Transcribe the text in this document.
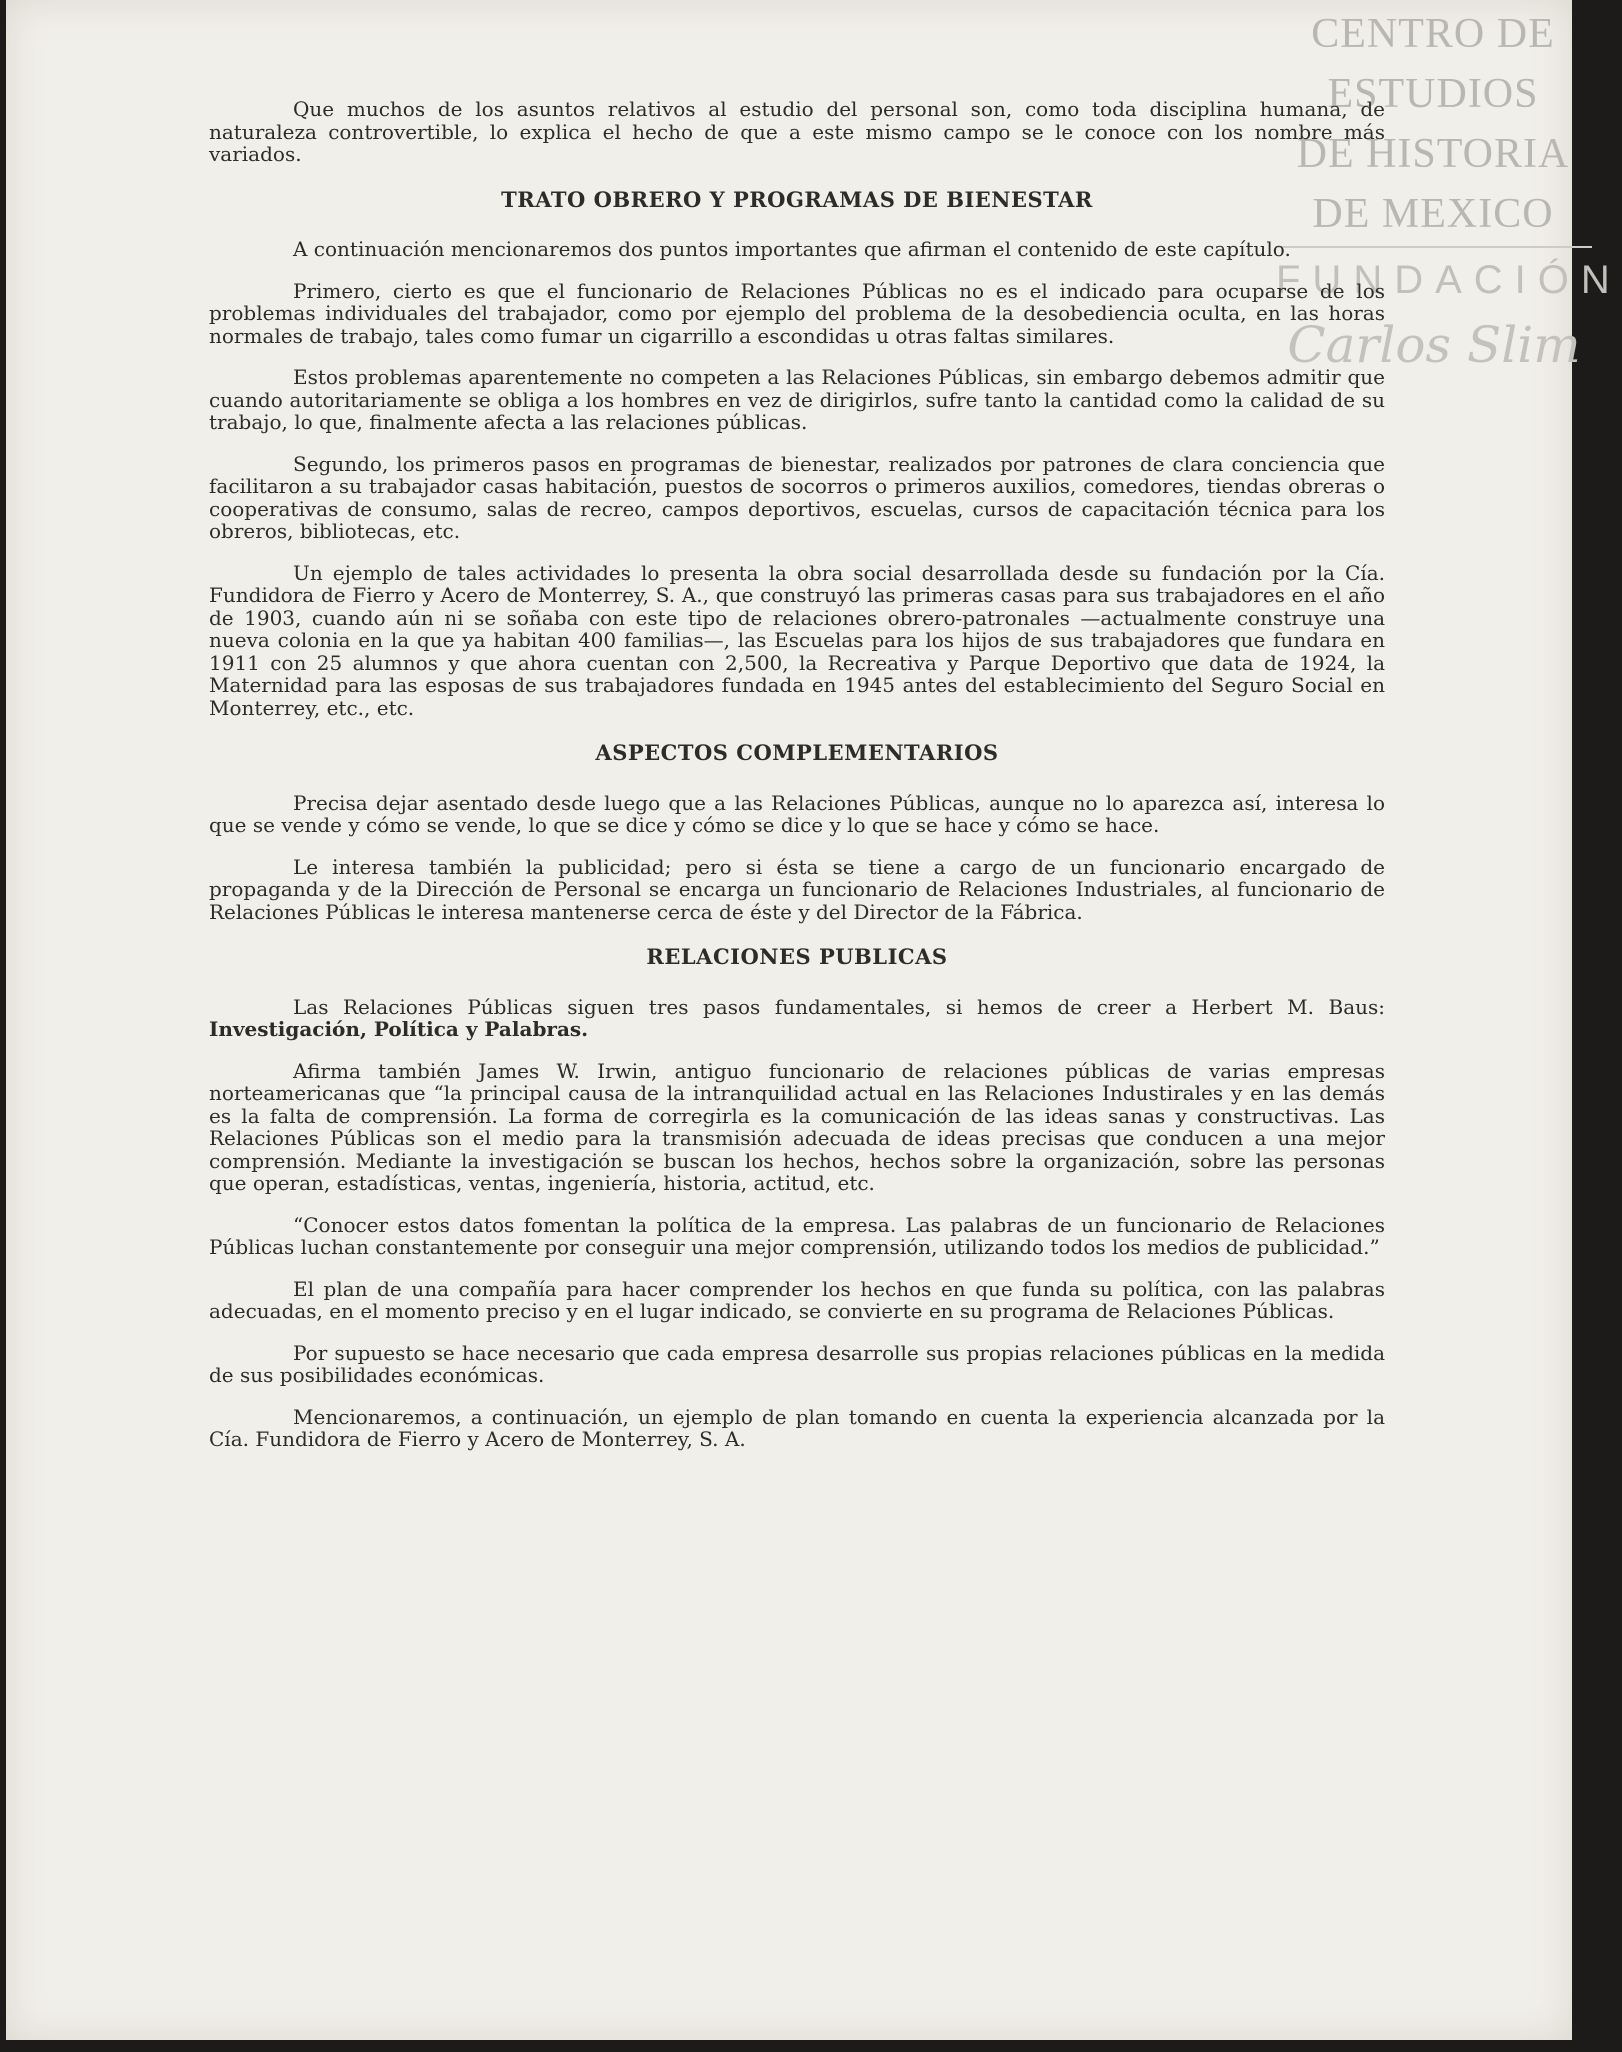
CENTRO DE
ESTUDIOS
DE HISTORIA
DE MEXICO
FUNDACIÓN
Carlos Slim

Que muchos de los asuntos relativos al estudio del personal son, como toda disciplina humana, de naturaleza controvertible, lo explica el hecho de que a este mismo campo se le conoce con los nombre más variados.

TRATO OBRERO Y PROGRAMAS DE BIENESTAR

A continuación mencionaremos dos puntos importantes que afirman el contenido de este capítulo.

Primero, cierto es que el funcionario de Relaciones Públicas no es el indicado para ocuparse de los problemas individuales del trabajador, como por ejemplo del problema de la desobediencia oculta, en las horas normales de trabajo, tales como fumar un cigarrillo a escondidas u otras faltas similares.

Estos problemas aparentemente no competen a las Relaciones Públicas, sin embargo debemos admitir que cuando autoritariamente se obliga a los hombres en vez de dirigirlos, sufre tanto la cantidad como la calidad de su trabajo, lo que, finalmente afecta a las relaciones públicas.

Segundo, los primeros pasos en programas de bienestar, realizados por patrones de clara conciencia que facilitaron a su trabajador casas habitación, puestos de socorros o primeros auxilios, comedores, tiendas obreras o cooperativas de consumo, salas de recreo, campos deportivos, escuelas, cursos de capacitación técnica para los obreros, bibliotecas, etc.

Un ejemplo de tales actividades lo presenta la obra social desarrollada desde su fundación por la Cía. Fundidora de Fierro y Acero de Monterrey, S. A., que construyó las primeras casas para sus trabajadores en el año de 1903, cuando aún ni se soñaba con este tipo de relaciones obrero-patronales —actualmente construye una nueva colonia en la que ya habitan 400 familias—, las Escuelas para los hijos de sus trabajadores que fundara en 1911 con 25 alumnos y que ahora cuentan con 2,500, la Recreativa y Parque Deportivo que data de 1924, la Maternidad para las esposas de sus trabajadores fundada en 1945 antes del establecimiento del Seguro Social en Monterrey, etc., etc.

ASPECTOS COMPLEMENTARIOS

Precisa dejar asentado desde luego que a las Relaciones Públicas, aunque no lo aparezca así, interesa lo que se vende y cómo se vende, lo que se dice y cómo se dice y lo que se hace y cómo se hace.

Le interesa también la publicidad; pero si ésta se tiene a cargo de un funcionario encargado de propaganda y de la Dirección de Personal se encarga un funcionario de Relaciones Industriales, al funcionario de Relaciones Públicas le interesa mantenerse cerca de éste y del Director de la Fábrica.

RELACIONES PUBLICAS

Las Relaciones Públicas siguen tres pasos fundamentales, si hemos de creer a Herbert M. Baus: Investigación, Política y Palabras.

Afirma también James W. Irwin, antiguo funcionario de relaciones públicas de varias empresas norteamericanas que “la principal causa de la intranquilidad actual en las Relaciones Industirales y en las demás es la falta de comprensión. La forma de corregirla es la comunicación de las ideas sanas y constructivas. Las Relaciones Públicas son el medio para la transmisión adecuada de ideas precisas que conducen a una mejor comprensión. Mediante la investigación se buscan los hechos, hechos sobre la organización, sobre las personas que operan, estadísticas, ventas, ingeniería, historia, actitud, etc.

“Conocer estos datos fomentan la política de la empresa. Las palabras de un funcionario de Relaciones Públicas luchan constantemente por conseguir una mejor comprensión, utilizando todos los medios de publicidad.”

El plan de una compañía para hacer comprender los hechos en que funda su política, con las palabras adecuadas, en el momento preciso y en el lugar indicado, se convierte en su programa de Relaciones Públicas.

Por supuesto se hace necesario que cada empresa desarrolle sus propias relaciones públicas en la medida de sus posibilidades económicas.

Mencionaremos, a continuación, un ejemplo de plan tomando en cuenta la experiencia alcanzada por la Cía. Fundidora de Fierro y Acero de Monterrey, S. A.
